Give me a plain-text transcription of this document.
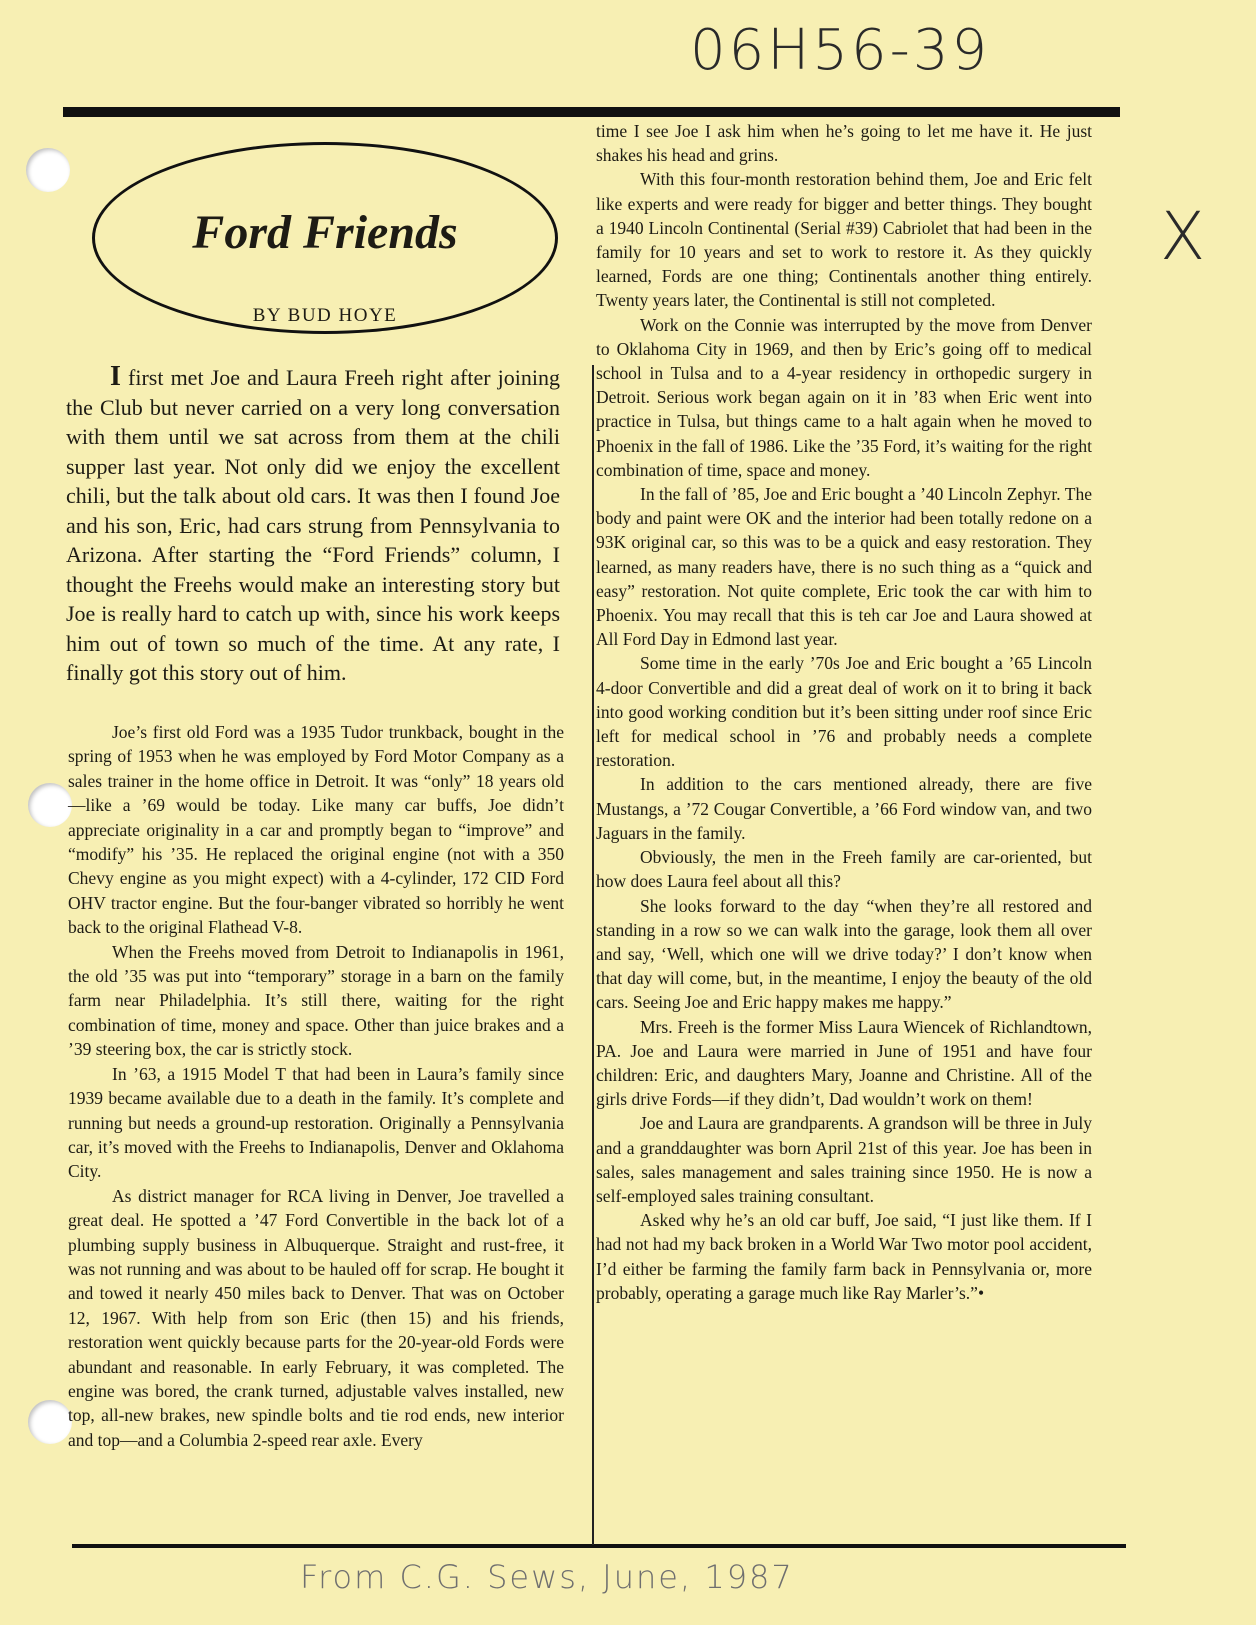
06H56-39
X
From C.G. Sews, June, 1987
Ford Friends
BY BUD HOYE

I first met Joe and Laura Freeh right after joining the Club but never carried on a very long conversation with them until we sat across from them at the chili supper last year. Not only did we enjoy the excellent chili, but the talk about old cars. It was then I found Joe and his son, Eric, had cars strung from Pennsylvania to Arizona. After starting the “Ford Friends” column, I thought the Freehs would make an interesting story but Joe is really hard to catch up with, since his work keeps him out of town so much of the time. At any rate, I finally got this story out of him.

Joe’s first old Ford was a 1935 Tudor trunkback, bought in the spring of 1953 when he was employed by Ford Motor Company as a sales trainer in the home office in Detroit. It was “only” 18 years old—like a ’69 would be today. Like many car buffs, Joe didn’t appreciate originality in a car and promptly began to “improve” and “modify” his ’35. He replaced the original engine (not with a 350 Chevy engine as you might expect) with a 4-cylinder, 172 CID Ford OHV tractor engine. But the four-banger vibrated so horribly he went back to the original Flathead V-8.

When the Freehs moved from Detroit to Indianapolis in 1961, the old ’35 was put into “temporary” storage in a barn on the family farm near Philadelphia. It’s still there, waiting for the right combination of time, money and space. Other than juice brakes and a ’39 steering box, the car is strictly stock.

In ’63, a 1915 Model T that had been in Laura’s family since 1939 became available due to a death in the family. It’s complete and running but needs a ground-up restoration. Originally a Pennsylvania car, it’s moved with the Freehs to Indianapolis, Denver and Oklahoma City.

As district manager for RCA living in Denver, Joe travelled a great deal. He spotted a ’47 Ford Convertible in the back lot of a plumbing supply business in Albuquerque. Straight and rust-free, it was not running and was about to be hauled off for scrap. He bought it and towed it nearly 450 miles back to Denver. That was on October 12, 1967. With help from son Eric (then 15) and his friends, restoration went quickly because parts for the 20-year-old Fords were abundant and reasonable. In early February, it was completed. The engine was bored, the crank turned, adjustable valves installed, new top, all-new brakes, new spindle bolts and tie rod ends, new interior and top—and a Columbia 2-speed rear axle. Every

time I see Joe I ask him when he’s going to let me have it. He just shakes his head and grins.

With this four-month restoration behind them, Joe and Eric felt like experts and were ready for bigger and better things. They bought a 1940 Lincoln Continental (Serial #39) Cabriolet that had been in the family for 10 years and set to work to restore it. As they quickly learned, Fords are one thing; Continentals another thing entirely. Twenty years later, the Continental is still not completed.

Work on the Connie was interrupted by the move from Denver to Oklahoma City in 1969, and then by Eric’s going off to medical school in Tulsa and to a 4-year residency in orthopedic surgery in Detroit. Serious work began again on it in ’83 when Eric went into practice in Tulsa, but things came to a halt again when he moved to Phoenix in the fall of 1986. Like the ’35 Ford, it’s waiting for the right combination of time, space and money.

In the fall of ’85, Joe and Eric bought a ’40 Lincoln Zephyr. The body and paint were OK and the interior had been totally redone on a 93K original car, so this was to be a quick and easy restoration. They learned, as many readers have, there is no such thing as a “quick and easy” restoration. Not quite complete, Eric took the car with him to Phoenix. You may recall that this is teh car Joe and Laura showed at All Ford Day in Edmond last year.

Some time in the early ’70s Joe and Eric bought a ’65 Lincoln 4-door Convertible and did a great deal of work on it to bring it back into good working condition but it’s been sitting under roof since Eric left for medical school in ’76 and probably needs a complete restoration.

In addition to the cars mentioned already, there are five Mustangs, a ’72 Cougar Convertible, a ’66 Ford window van, and two Jaguars in the family.

Obviously, the men in the Freeh family are car-oriented, but how does Laura feel about all this?

She looks forward to the day “when they’re all restored and standing in a row so we can walk into the garage, look them all over and say, ‘Well, which one will we drive today?’ I don’t know when that day will come, but, in the meantime, I enjoy the beauty of the old cars. Seeing Joe and Eric happy makes me happy.”

Mrs. Freeh is the former Miss Laura Wiencek of Richlandtown, PA. Joe and Laura were married in June of 1951 and have four children: Eric, and daughters Mary, Joanne and Christine. All of the girls drive Fords—if they didn’t, Dad wouldn’t work on them!

Joe and Laura are grandparents. A grandson will be three in July and a granddaughter was born April 21st of this year. Joe has been in sales, sales management and sales training since 1950. He is now a self-employed sales training consultant.

Asked why he’s an old car buff, Joe said, “I just like them. If I had not had my back broken in a World War Two motor pool accident, I’d either be farming the family farm back in Pennsylvania or, more probably, operating a garage much like Ray Marler’s.”•
